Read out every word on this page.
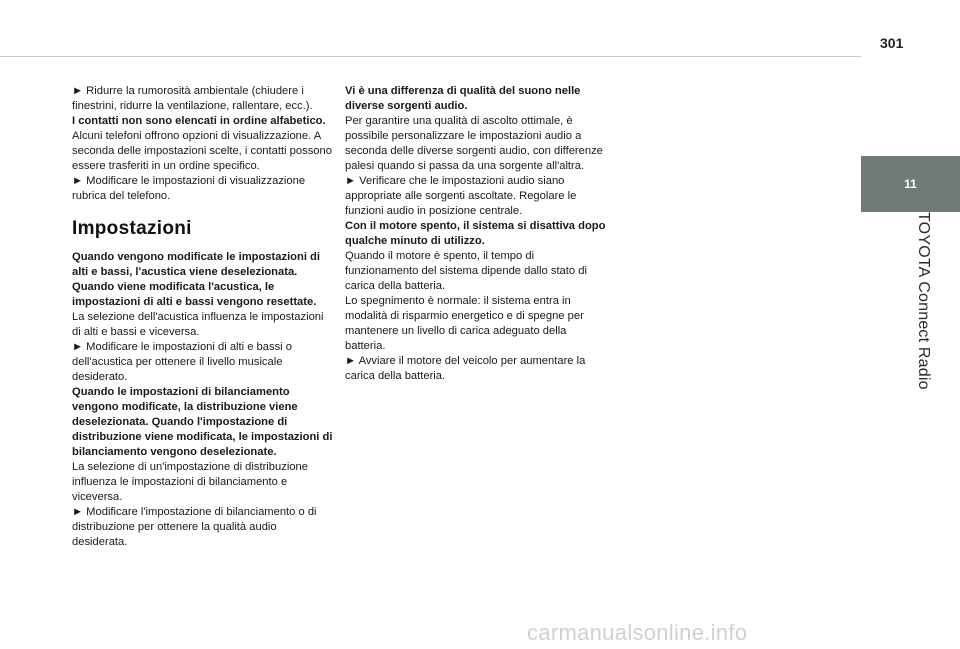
301
11
TOYOTA Connect Radio

► Ridurre la rumorosità ambientale (chiudere i finestrini, ridurre la ventilazione, rallentare, ecc.).

I contatti non sono elencati in ordine alfabetico.

Alcuni telefoni offrono opzioni di visualizzazione. A seconda delle impostazioni scelte, i contatti possono essere trasferiti in un ordine specifico.

► Modificare le impostazioni di visualizzazione rubrica del telefono.

Impostazioni

Quando vengono modificate le impostazioni di alti e bassi, l'acustica viene deselezionata. Quando viene modificata l'acustica, le impostazioni di alti e bassi vengono resettate.

La selezione dell'acustica influenza le impostazioni di alti e bassi e viceversa.

► Modificare le impostazioni di alti e bassi o dell'acustica per ottenere il livello musicale desiderato.

Quando le impostazioni di bilanciamento vengono modificate, la distribuzione viene deselezionata. Quando l'impostazione di distribuzione viene modificata, le impostazioni di bilanciamento vengono deselezionate.

La selezione di un'impostazione di distribuzione influenza le impostazioni di bilanciamento e viceversa.

► Modificare l'impostazione di bilanciamento o di distribuzione per ottenere la qualità audio desiderata.

Vi è una differenza di qualità del suono nelle diverse sorgenti audio.

Per garantire una qualità di ascolto ottimale, è possibile personalizzare le impostazioni audio a seconda delle diverse sorgenti audio, con differenze palesi quando si passa da una sorgente all'altra.

► Verificare che le impostazioni audio siano appropriate alle sorgenti ascoltate. Regolare le funzioni audio in posizione centrale.

Con il motore spento, il sistema si disattiva dopo qualche minuto di utilizzo.

Quando il motore è spento, il tempo di funzionamento del sistema dipende dallo stato di carica della batteria.

Lo spegnimento è normale: il sistema entra in modalità di risparmio energetico e di spegne per mantenere un livello di carica adeguato della batteria.

► Avviare il motore del veicolo per aumentare la carica della batteria.

carmanualsonline.info
